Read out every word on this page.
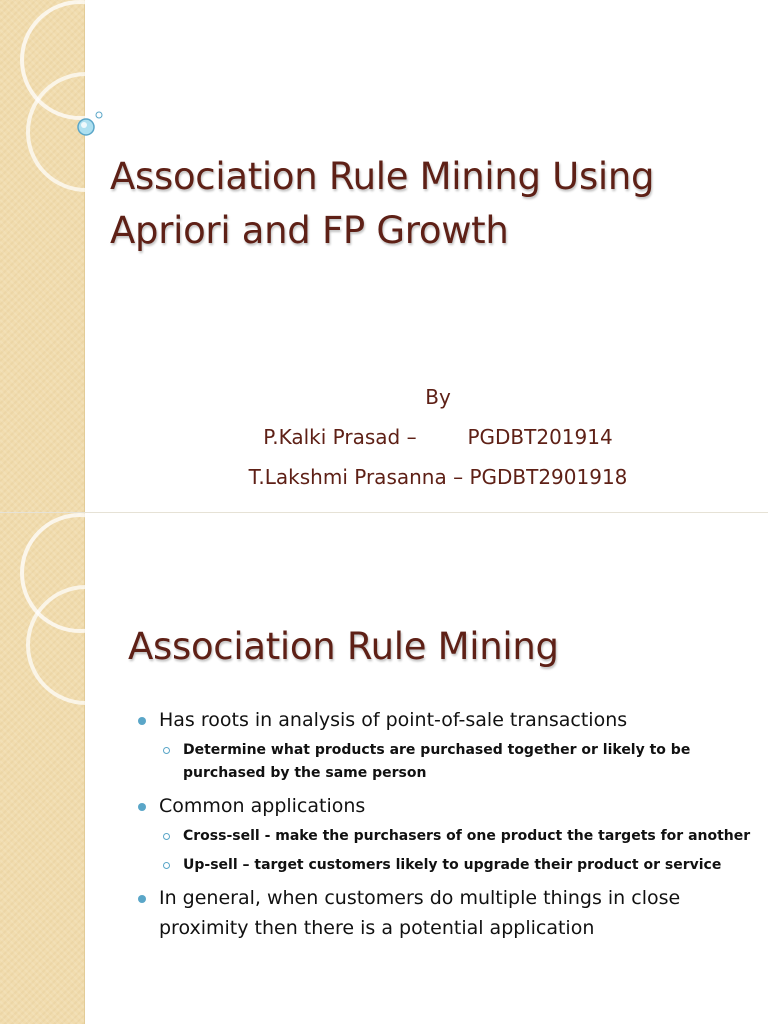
Association Rule Mining Using Apriori and FP Growth
By
P.Kalki Prasad –        PGDBT201914
T.Lakshmi Prasanna – PGDBT2901918
Association Rule Mining
Has roots in analysis of point-of-sale transactions
Determine what products are purchased together or likely to be purchased by the same person
Common applications
Cross-sell - make the purchasers of one product the targets for another
Up-sell – target customers likely to upgrade their product or service
In general, when customers do multiple things in close proximity then there is a potential application
